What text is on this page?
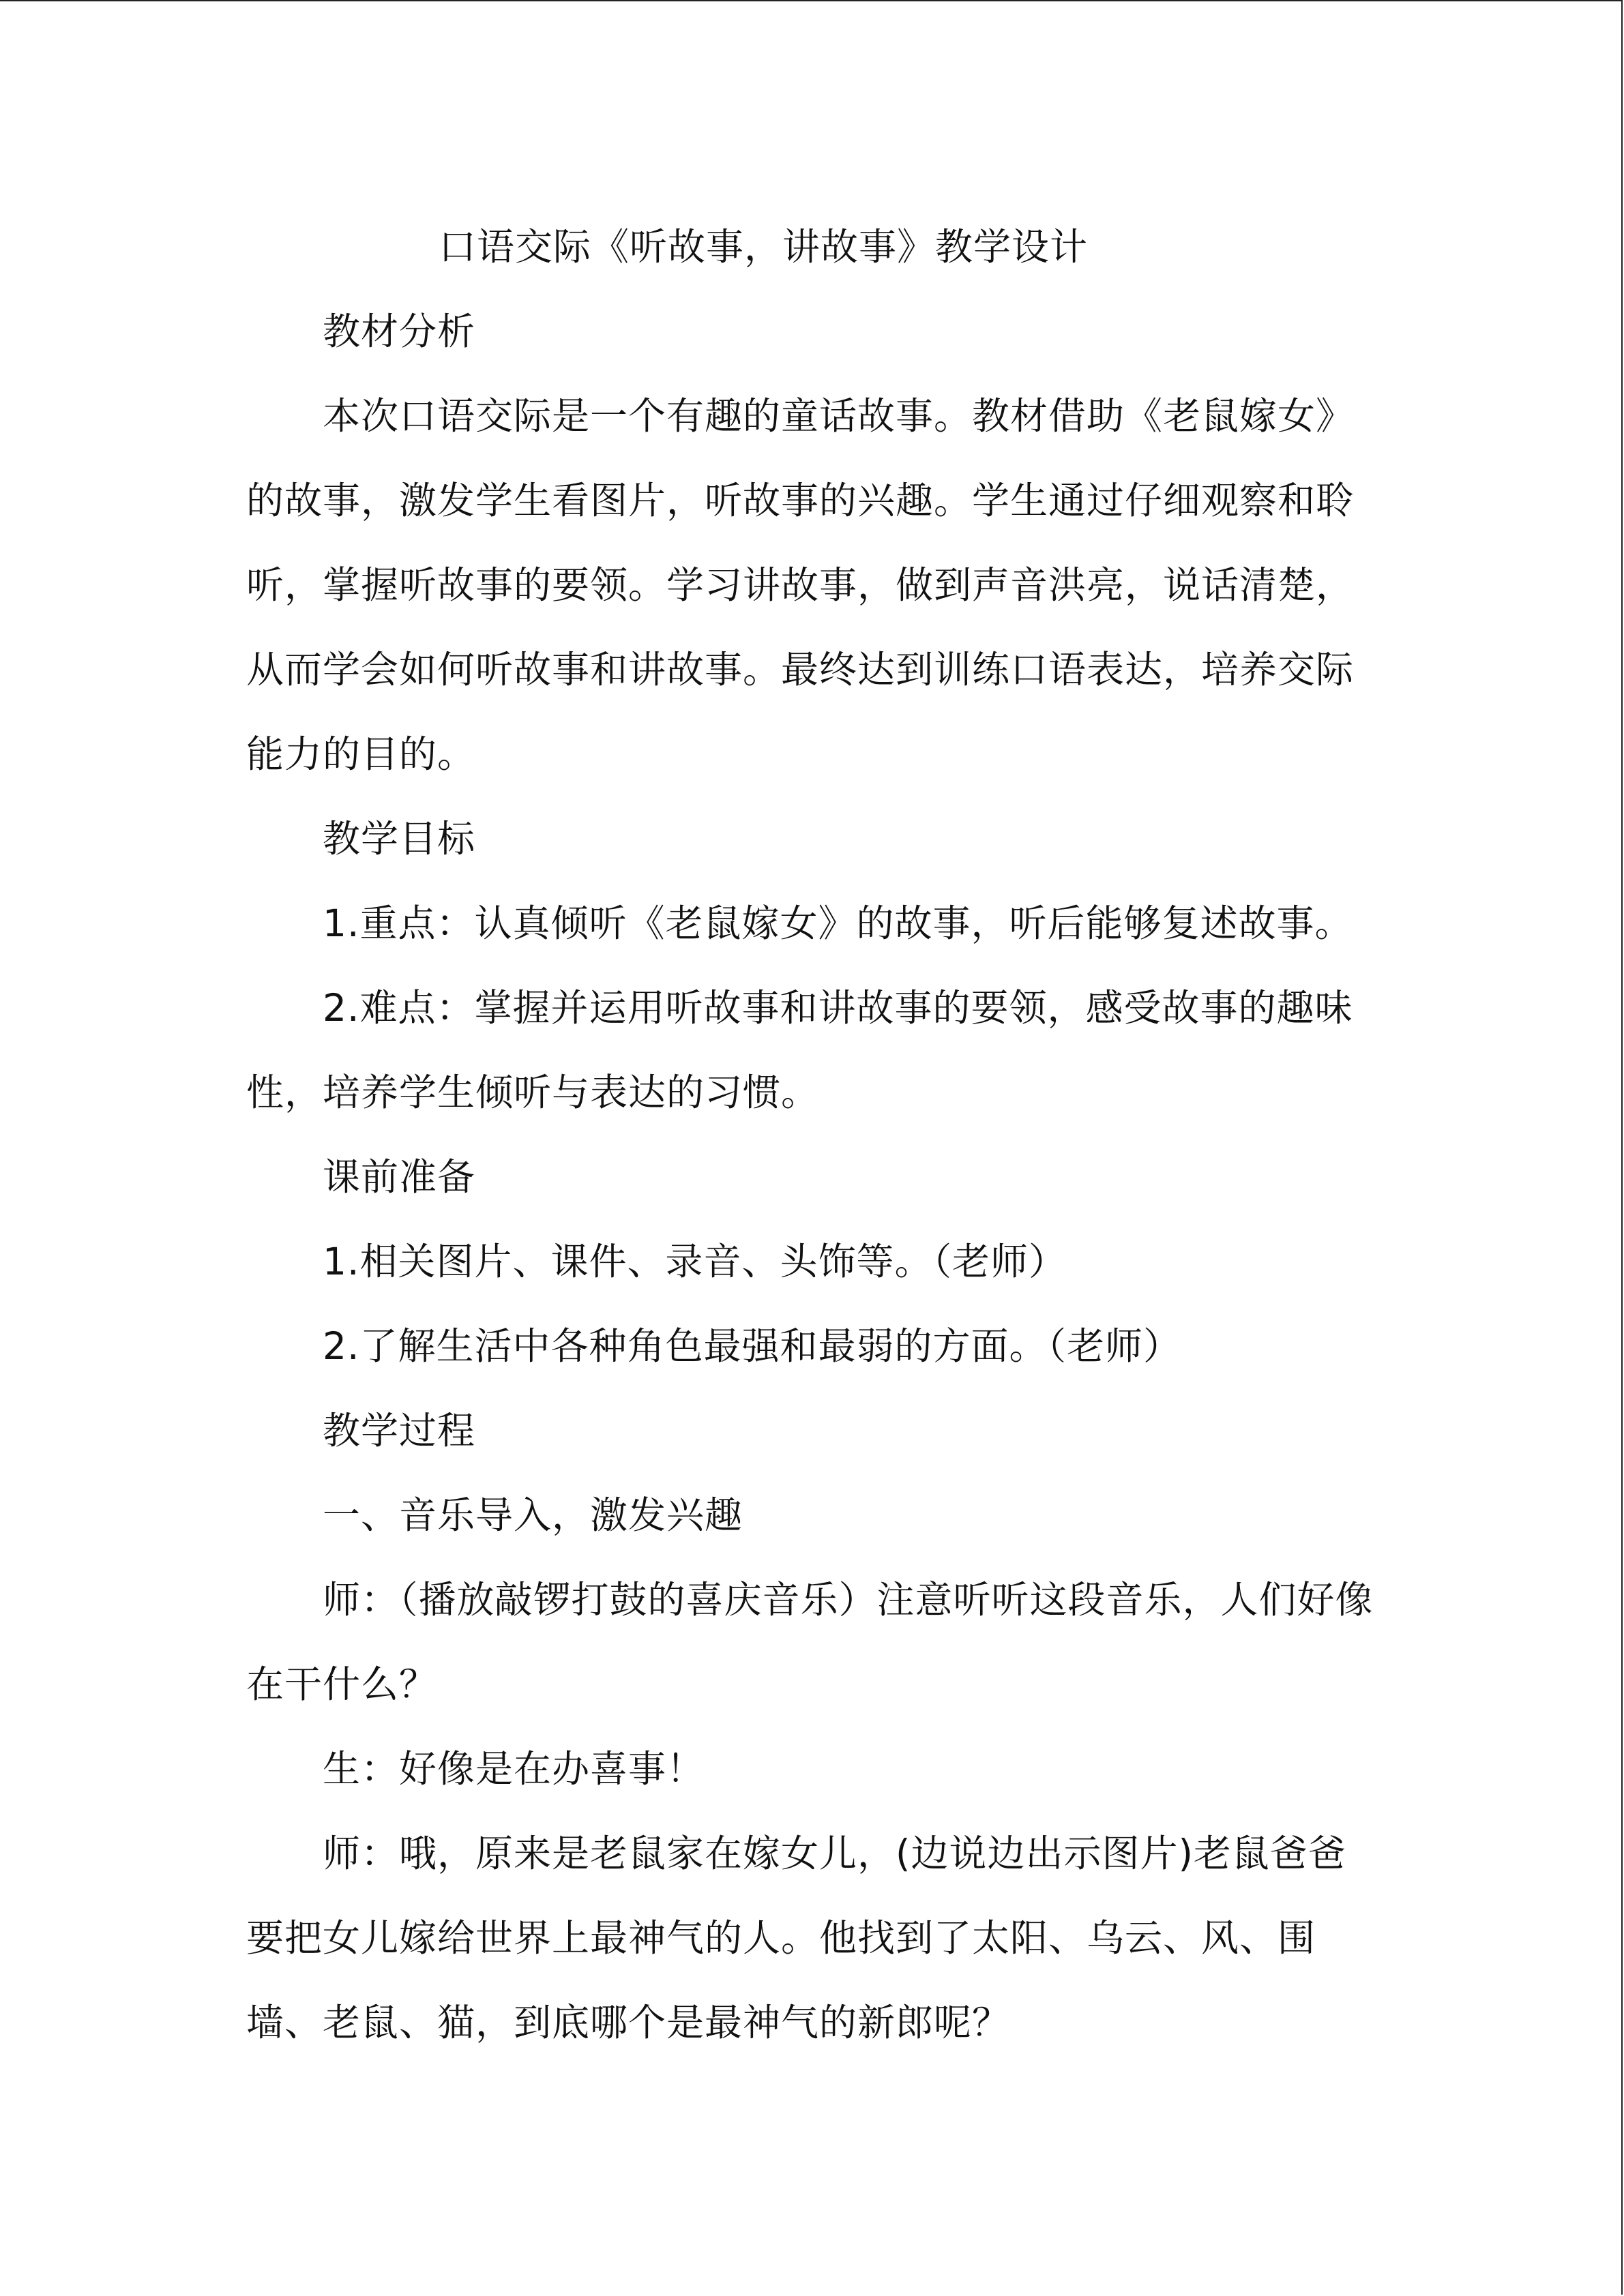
口语交际《听故事，讲故事》教学设计

教材分析

本次口语交际是一个有趣的童话故事。教材借助《老鼠嫁女》的故事，激发学生看图片，听故事的兴趣。学生通过仔细观察和聆听，掌握听故事的要领。学习讲故事，做到声音洪亮，说话清楚，从而学会如何听故事和讲故事。最终达到训练口语表达，培养交际能力的目的。

教学目标

1.重点：认真倾听《老鼠嫁女》的故事，听后能够复述故事。

2.难点：掌握并运用听故事和讲故事的要领，感受故事的趣味性，培养学生倾听与表达的习惯。

课前准备

1.相关图片、课件、录音、头饰等。（老师）

2.了解生活中各种角色最强和最弱的方面。（老师）

教学过程

一、音乐导入，激发兴趣

师：（播放敲锣打鼓的喜庆音乐）注意听听这段音乐，人们好像在干什么？

生：好像是在办喜事！

师：哦，原来是老鼠家在嫁女儿，(边说边出示图片)老鼠爸爸要把女儿嫁给世界上最神气的人。他找到了太阳、乌云、风、围墙、老鼠、猫，到底哪个是最神气的新郎呢？
